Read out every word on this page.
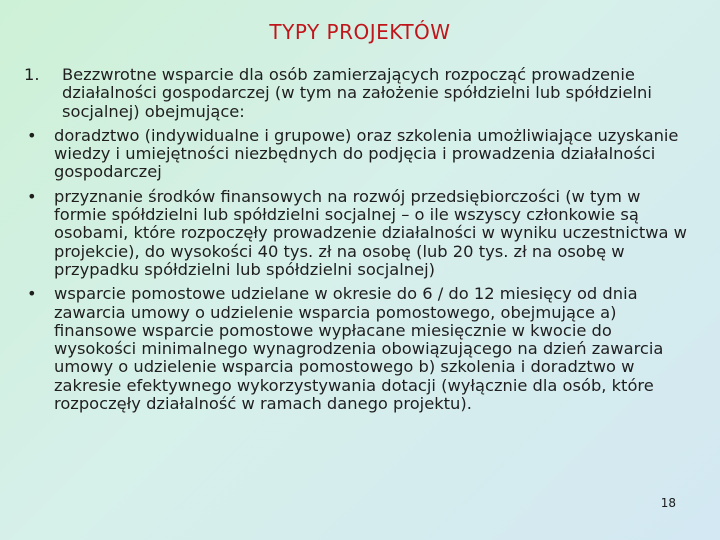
TYPY PROJEKTÓW
1.	Bezzwrotne wsparcie dla osób zamierzających rozpocząć prowadzenie działalności gospodarczej (w tym na założenie spółdzielni lub spółdzielni socjalnej) obejmujące:
•	doradztwo (indywidualne i grupowe) oraz szkolenia umożliwiające uzyskanie wiedzy i umiejętności niezbędnych do podjęcia i prowadzenia działalności gospodarczej
•	przyznanie środków finansowych na rozwój przedsiębiorczości (w tym w formie spółdzielni lub spółdzielni socjalnej – o ile wszyscy członkowie są osobami, które rozpoczęły prowadzenie działalności w wyniku uczestnictwa w projekcie), do wysokości 40 tys. zł na osobę (lub 20 tys. zł na osobę w przypadku spółdzielni lub spółdzielni socjalnej)
•	wsparcie pomostowe udzielane w okresie do 6 / do 12 miesięcy od dnia zawarcia umowy o udzielenie wsparcia pomostowego, obejmujące a) finansowe wsparcie pomostowe wypłacane miesięcznie w kwocie do wysokości minimalnego wynagrodzenia obowiązującego na dzień zawarcia umowy o udzielenie wsparcia pomostowego b) szkolenia i doradztwo w zakresie efektywnego wykorzystywania dotacji (wyłącznie dla osób, które rozpoczęły działalność w ramach danego projektu).
18
